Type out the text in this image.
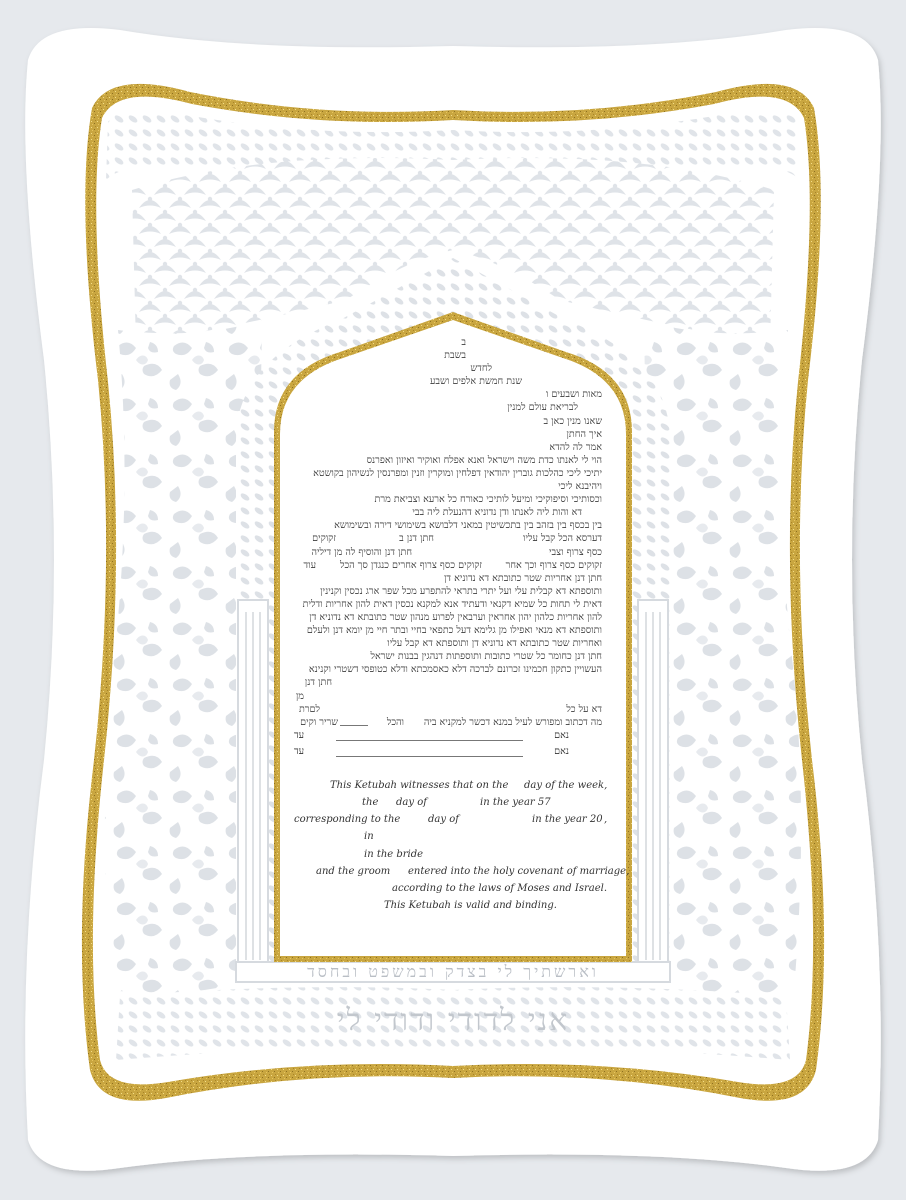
אני לדודי ודודי לי
וארשתיך לי בצדק ובמשפט ובחסד
ב
בשבת
לחדש
שנת חמשת אלפים ושבע
מאות ושבעים ו
לבריאת עולם למנין
שאנו מנין כאן ב
איך החתן
אמר לה להדא
הוי לי לאנתו כדת משה וישראל ואנא אפלח ואוקיר ואיזון ואפרנס
יתיכי ליכי כהלכות גוברין יהודאין דפלחין ומוקרין וזנין ומפרנסין לנשיהון בקושטא
ויהיבנא ליכי
וכסותיכי וסיפוקיכי ומיעל לותיכי כאורח כל ארעא וצביאת מרת
דא והות ליה לאנתו ודן נדוניא דהנעלת ליה בבי
בין בכסף בין בזהב בין בתכשיטין במאני דלבושא בשימושי דירה ובשימושא
דערסא הכל קבל עליו
חתן דנן ב
זקוקים
כסף צרוף וצבי
חתן דנן והוסיף לה מן דיליה
זקוקים כסף צרוף וכך אחר
זקוקים כסף צרוף אחרים כנגדן סך הכל
עוד
חתן דנן אחריות שטר כתובתא דא נדוניא דן
ותוספתא דא קבלית עלי ועל יתרי בתראי להתפרע מכל שפר ארג נכסין וקנינין
דאית לי תחות כל שמיא דקנאי ודעתיד אנא למקנא נכסין דאית להון אחריות ודלית
להון אחריות כלהון יהון אחראין וערבאין לפרוע מנהון שטר כתובתא דא נדוניא דן
ותוספתא דא מנאי ואפילו מן גלימא דעל כתפאי בחיי ובתר חיי מן יומא דנן ולעלם
ואחריות שטר כתובתא דא נדוניא דן ותוספתא דא קבל עליו
חתן דנן כחומר כל שטרי כתובות ותוספתות דנהגין בבנות ישראל
העשויין כתקון חכמינו זכרונם לברכה דלא כאסמכתא ודלא כטופסי דשטרי וקנינא
חתן דנן
מן
לםרת	דא על כל
מה דכתוב ומפורש לעיל במנא דכשר למקניא ביה
והכל
שריר וקים
נאם
עד
נאם
עד
This Ketubah witnesses that on the day of the week,
the day of	in the year 57
corresponding to the	day of	in the year 20 ,
in
in the bride
and the groom entered into the holy covenant of marriage,
according to the laws of Moses and Israel.
This Ketubah is valid and binding.
